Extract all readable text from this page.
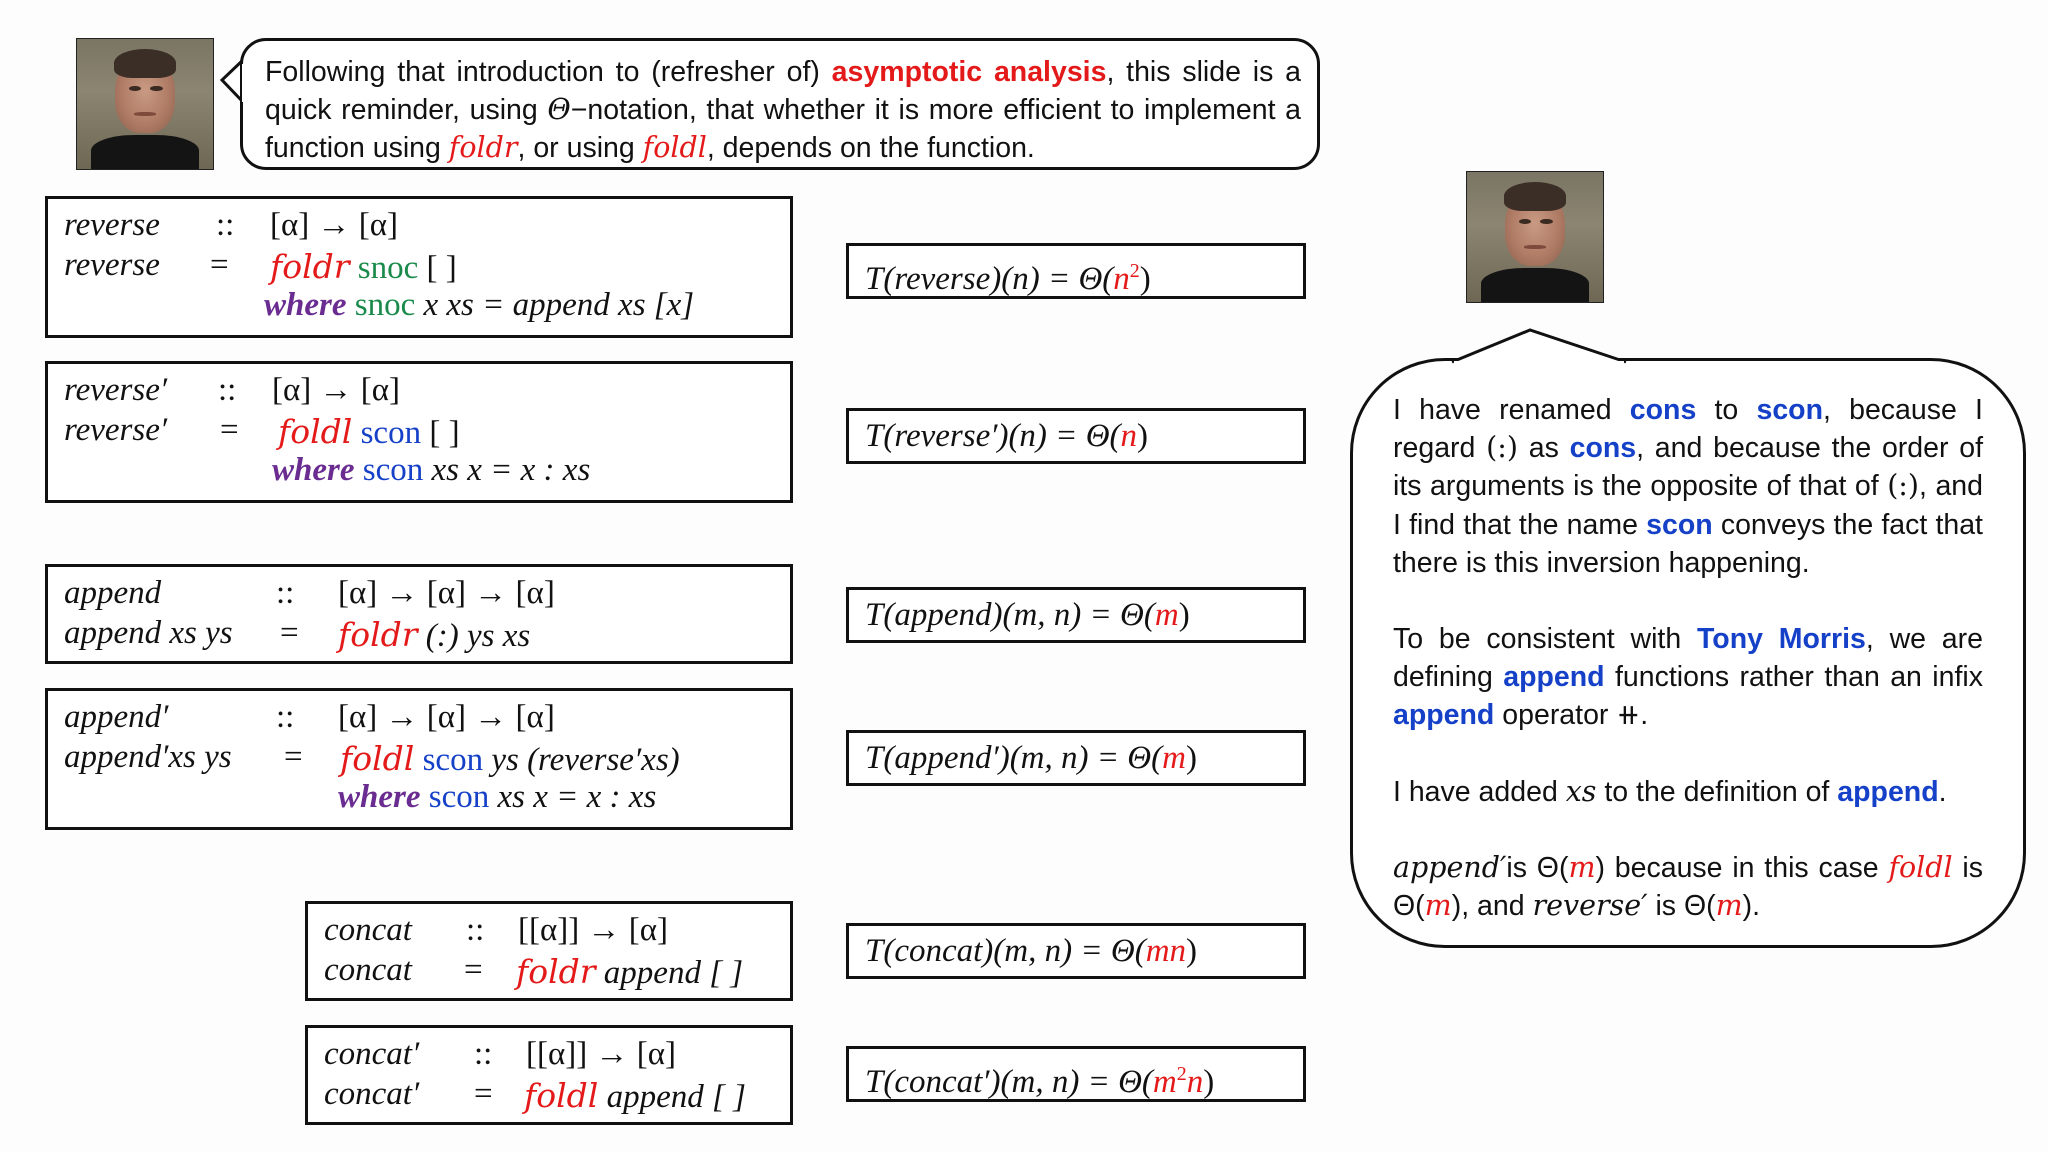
Following that introduction to (refresher of) asymptotic analysis, this slide is a quick reminder, using Θ−notation, that whether it is more efficient to implement a function using foldr, or using foldl, depends on the function.
reverse :: [α] → [α]
reverse = foldr snoc [ ]
where snoc x xs = append xs [x]
reverse′ :: [α] → [α]
reverse′ = foldl scon [ ]
where scon xs x = x : xs
append	:: [α] → [α] → [α]
append xs ys = foldr (:) ys xs
append′	:: [α] → [α] → [α]
append′xs ys = foldl scon ys (reverse′xs)
where scon xs x = x : xs
concat :: [[α]] → [α]
concat = foldr append [ ]
concat′ :: [[α]] → [α]
concat′ = foldl append [ ]
T(reverse)(n) = $\Theta(n^2)$
T(reverse′)(n) = Θ(n)
T(append)(m, n) = Θ(m)
T(append′)(m, n) = Θ(m)
T(concat)(m, n) = Θ(mn)
T(concat′)(m, $n) = \Theta(m^2n)$
I have renamed cons to scon, because I regard (:) as cons, and because the order of its arguments is the opposite of that of (:), and I find that the name scon conveys the fact that there is this inversion happening.
To be consistent with Tony Morris, we are defining append functions rather than an infix append operator ⧺.
I have added xs to the definition of append.
append′is Θ(m) because in this case foldl is Θ(m), and reverse′ is Θ(m).
